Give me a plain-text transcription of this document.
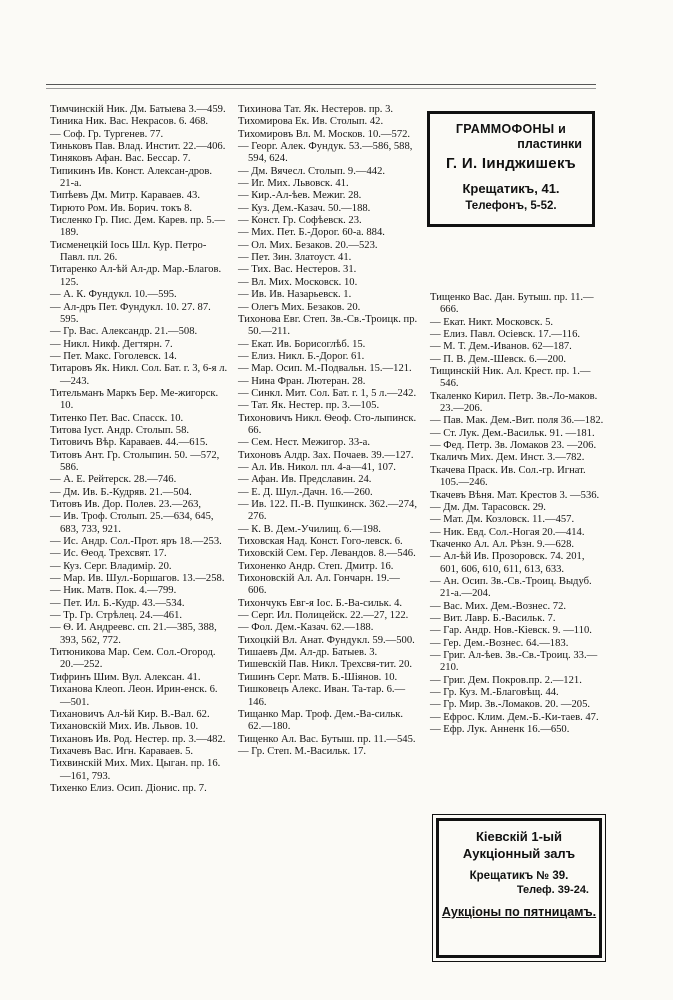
Тимчинскій Ник. Дм. Батыева 3.—459.
Тиника Ник. Вас. Некрасов. 6. 468.
— Соф. Гр. Тургенев. 77.
Тиньковъ Пав. Влад. Инстит. 22.—406.
Тиняковъ Афан. Вас. Бессар. 7.
Типикинъ Ив. Конст. Алексан-дров. 21-а.
Типѣевъ Дм. Митр. Караваев. 43.
Тирюто Ром. Ив. Борич. токъ 8.
Тисленко Гр. Пис. Дем. Карев. пр. 5.—189.
Тисменецкій Іось Шл. Кур. Петро-Павл. пл. 26.
Титаренко Ал-ѣй Ал-др. Мар.-Благов. 125.
— А. К. Фундукл. 10.—595.
— Ал-дръ Пет. Фундукл. 10. 27. 87. 595.
— Гр. Вас. Александр. 21.—508.
— Никл. Никф. Дегтярн. 7.
— Пет. Макс. Гоголевск. 14.
Титаровъ Як. Никл. Сол. Бат. г. 3, 6-я л.—243.
Тительманъ Маркъ Бер. Ме-жигорск. 10.
Титенко Пет. Вас. Спасск. 10.
Титова Іуст. Андр. Столып. 58.
Титовичъ Вѣр. Караваев. 44.—615.
Титовъ Ант. Гр. Столыпин. 50. —572, 586.
— А. Е. Рейтерск. 28.—746.
— Дм. Ив. Б.-Кудряв. 21.—504.
Титовъ Ив. Дор. Полев. 23.—263,
— Ив. Троф. Столып. 25.—634, 645, 683, 733, 921.
— Ис. Андр. Сол.-Прот. яръ 18.—253.
— Ис. Ѳеод. Трехсвят. 17.
— Куз. Серг. Владимір. 20.
— Мар. Ив. Шул.-Боршагов. 13.—258.
— Ник. Матв. Пок. 4.—799.
— Пет. Ил. Б.-Кудр. 43.—534.
— Тр. Гр. Стрѣлец. 24.—461.
— Ѳ. И. Андреевс. сп. 21.—385, 388, 393, 562, 772.
Титюникова Мар. Сем. Сол.-Огород. 20.—252.
Тифринъ Шим. Вул. Алексан. 41.
Тиханова Клеоп. Леон. Ирин-енск. 6.—501.
Тихановичъ Ал-ѣй Кир. В.-Вал. 62.
Тихановскій Мих. Ив. Львов. 10.
Тихановъ Ив. Род. Нестер. пр. 3.—482.
Тихачевъ Вас. Игн. Караваев. 5.
Тихвинскій Мих. Мих. Цыган. пр. 16.—161, 793.
Тихенко Елиз. Осип. Діонис. пр. 7.
Тихинова Тат. Як. Нестеров. пр. 3.
Тихомирова Ек. Ив. Столып. 42.
Тихомировъ Вл. М. Москов. 10.—572.
— Георг. Алек. Фундук. 53.—586, 588, 594, 624.
— Дм. Вячесл. Столып. 9.—442.
— Иг. Мих. Львовск. 41.
— Кир.-Ал-ѣев. Межиг. 28.
— Куз. Дем.-Казач. 50.—188.
— Конст. Гр. Софѣевск. 23.
— Мих. Пет. Б.-Дорог. 60-а. 884.
— Ол. Мих. Безаков. 20.—523.
— Пет. Зин. Златоуст. 41.
— Тих. Вас. Нестеров. 31.
— Вл. Мих. Московск. 10.
— Ив. Ив. Назарьевск. 1.
— Олегъ Мих. Безаков. 20.
Тихонова Евг. Степ. Зв.-Св.-Троицк. пр. 50.—211.
— Екат. Ив. Борисоглѣб. 15.
— Елиз. Никл. Б.-Дорог. 61.
— Мар. Осип. М.-Подвальн. 15.—121.
— Нина Фран. Лютеран. 28.
— Синкл. Мит. Сол. Бат. г. 1, 5 л.—242.
— Тат. Як. Нестер. пр. 3.—105.
Тихоновичъ Никл. Ѳеоф. Сто-лыпинск. 66.
— Сем. Нест. Межигор. 33-а.
Тихоновъ Алдр. Зах. Почаев. 39.—127.
— Ал. Ив. Никол. пл. 4-а—41, 107.
— Афан. Ив. Предславин. 24.
— Е. Д. Шул.-Дачн. 16.—260.
— Ив. 122. П.-В. Пушкинск. 362.—274, 276.
— К. В. Дем.-Училищ. 6.—198.
Тиховская Над. Конст. Гого-левск. 6.
Тиховскій Сем. Гер. Левандов. 8.—546.
Тихоненко Андр. Степ. Дмитр. 16.
Тихоновскій Ал. Ал. Гончарн. 19.—606.
Тихончукъ Евг-я Іос. Б.-Ва-сильк. 4.
— Серг. Ил. Полицейск. 22.—27, 122.
— Фол. Дем.-Казач. 62.—188.
Тихоцкій Вл. Анат. Фундукл. 59.—500.
Тишаевъ Дм. Ал-др. Батыев. 3.
Тишевскій Пав. Никл. Трехсвя-тит. 20.
Тишинъ Серг. Матв. Б.-Шіянов. 10.
Тишковецъ Алекс. Иван. Та-тар. 6.—146.
Тищанко Мар. Троф. Дем.-Ва-сильк. 62.—180.
Тищенко Ал. Вас. Бутыш. пр. 11.—545.
— Гр. Степ. М.-Васильк. 17.
Тищенко Вас. Дан. Бутыш. пр. 11.—666.
— Екат. Никт. Московск. 5.
— Елиз. Павл. Осіевск. 17.—116.
— М. Т. Дем.-Иванов. 62—187.
— П. В. Дем.-Шевск. 6.—200.
Тищинскій Ник. Ал. Крест. пр. 1.—546.
Ткаленко Кирил. Петр. Зв.-Ло-маков. 23.—206.
— Пав. Мак. Дем.-Вит. поля 36.—182.
— Ст. Лук. Дем.-Васильк. 91. —181.
— Фед. Петр. Зв. Ломаков 23. —206.
Ткаличъ Мих. Дем. Инст. 3.—782.
Ткачева Праск. Ив. Сол.-гр. Игнат. 105.—246.
Ткачевъ Вѣня. Мат. Крестов 3. —536.
— Дм. Дм. Тарасовск. 29.
— Мат. Дм. Козловск. 11.—457.
— Ник. Евд. Сол.-Ногая 20.—414.
Ткаченко Ал. Ал. Рѣзн. 9.—628.
— Ал-ѣй Ив. Прозоровск. 74. 201, 601, 606, 610, 611, 613, 633.
— Ан. Осип. Зв.-Св.-Троиц. Выдуб. 21-а.—204.
— Вас. Мих. Дем.-Вознес. 72.
— Вит. Лавр. Б.-Васильк. 7.
— Гар. Андр. Нов.-Кіевск. 9. —110.
— Гер. Дем.-Вознес. 64.—183.
— Григ. Ал-ѣев. Зв.-Св.-Троиц. 33.—210.
— Григ. Дем. Покров.пр. 2.—121.
— Гр. Куз. М.-Благовѣщ. 44.
— Гр. Мир. Зв.-Ломаков. 20. —205.
— Ефрос. Клим. Дем.-Б.-Ки-таев. 47.
— Ефр. Лук. Анненк 16.—650.
ГРАММОФОНЫ и
пластинки
Г. И. Іинджишекъ
Крещатикъ, 41.
Телефонъ, 5-52.
Кіевскій 1-ый
Аукціонный залъ
Крещатикъ № 39.
Телеф. 39-24.
Аукціоны по пятницамъ.
